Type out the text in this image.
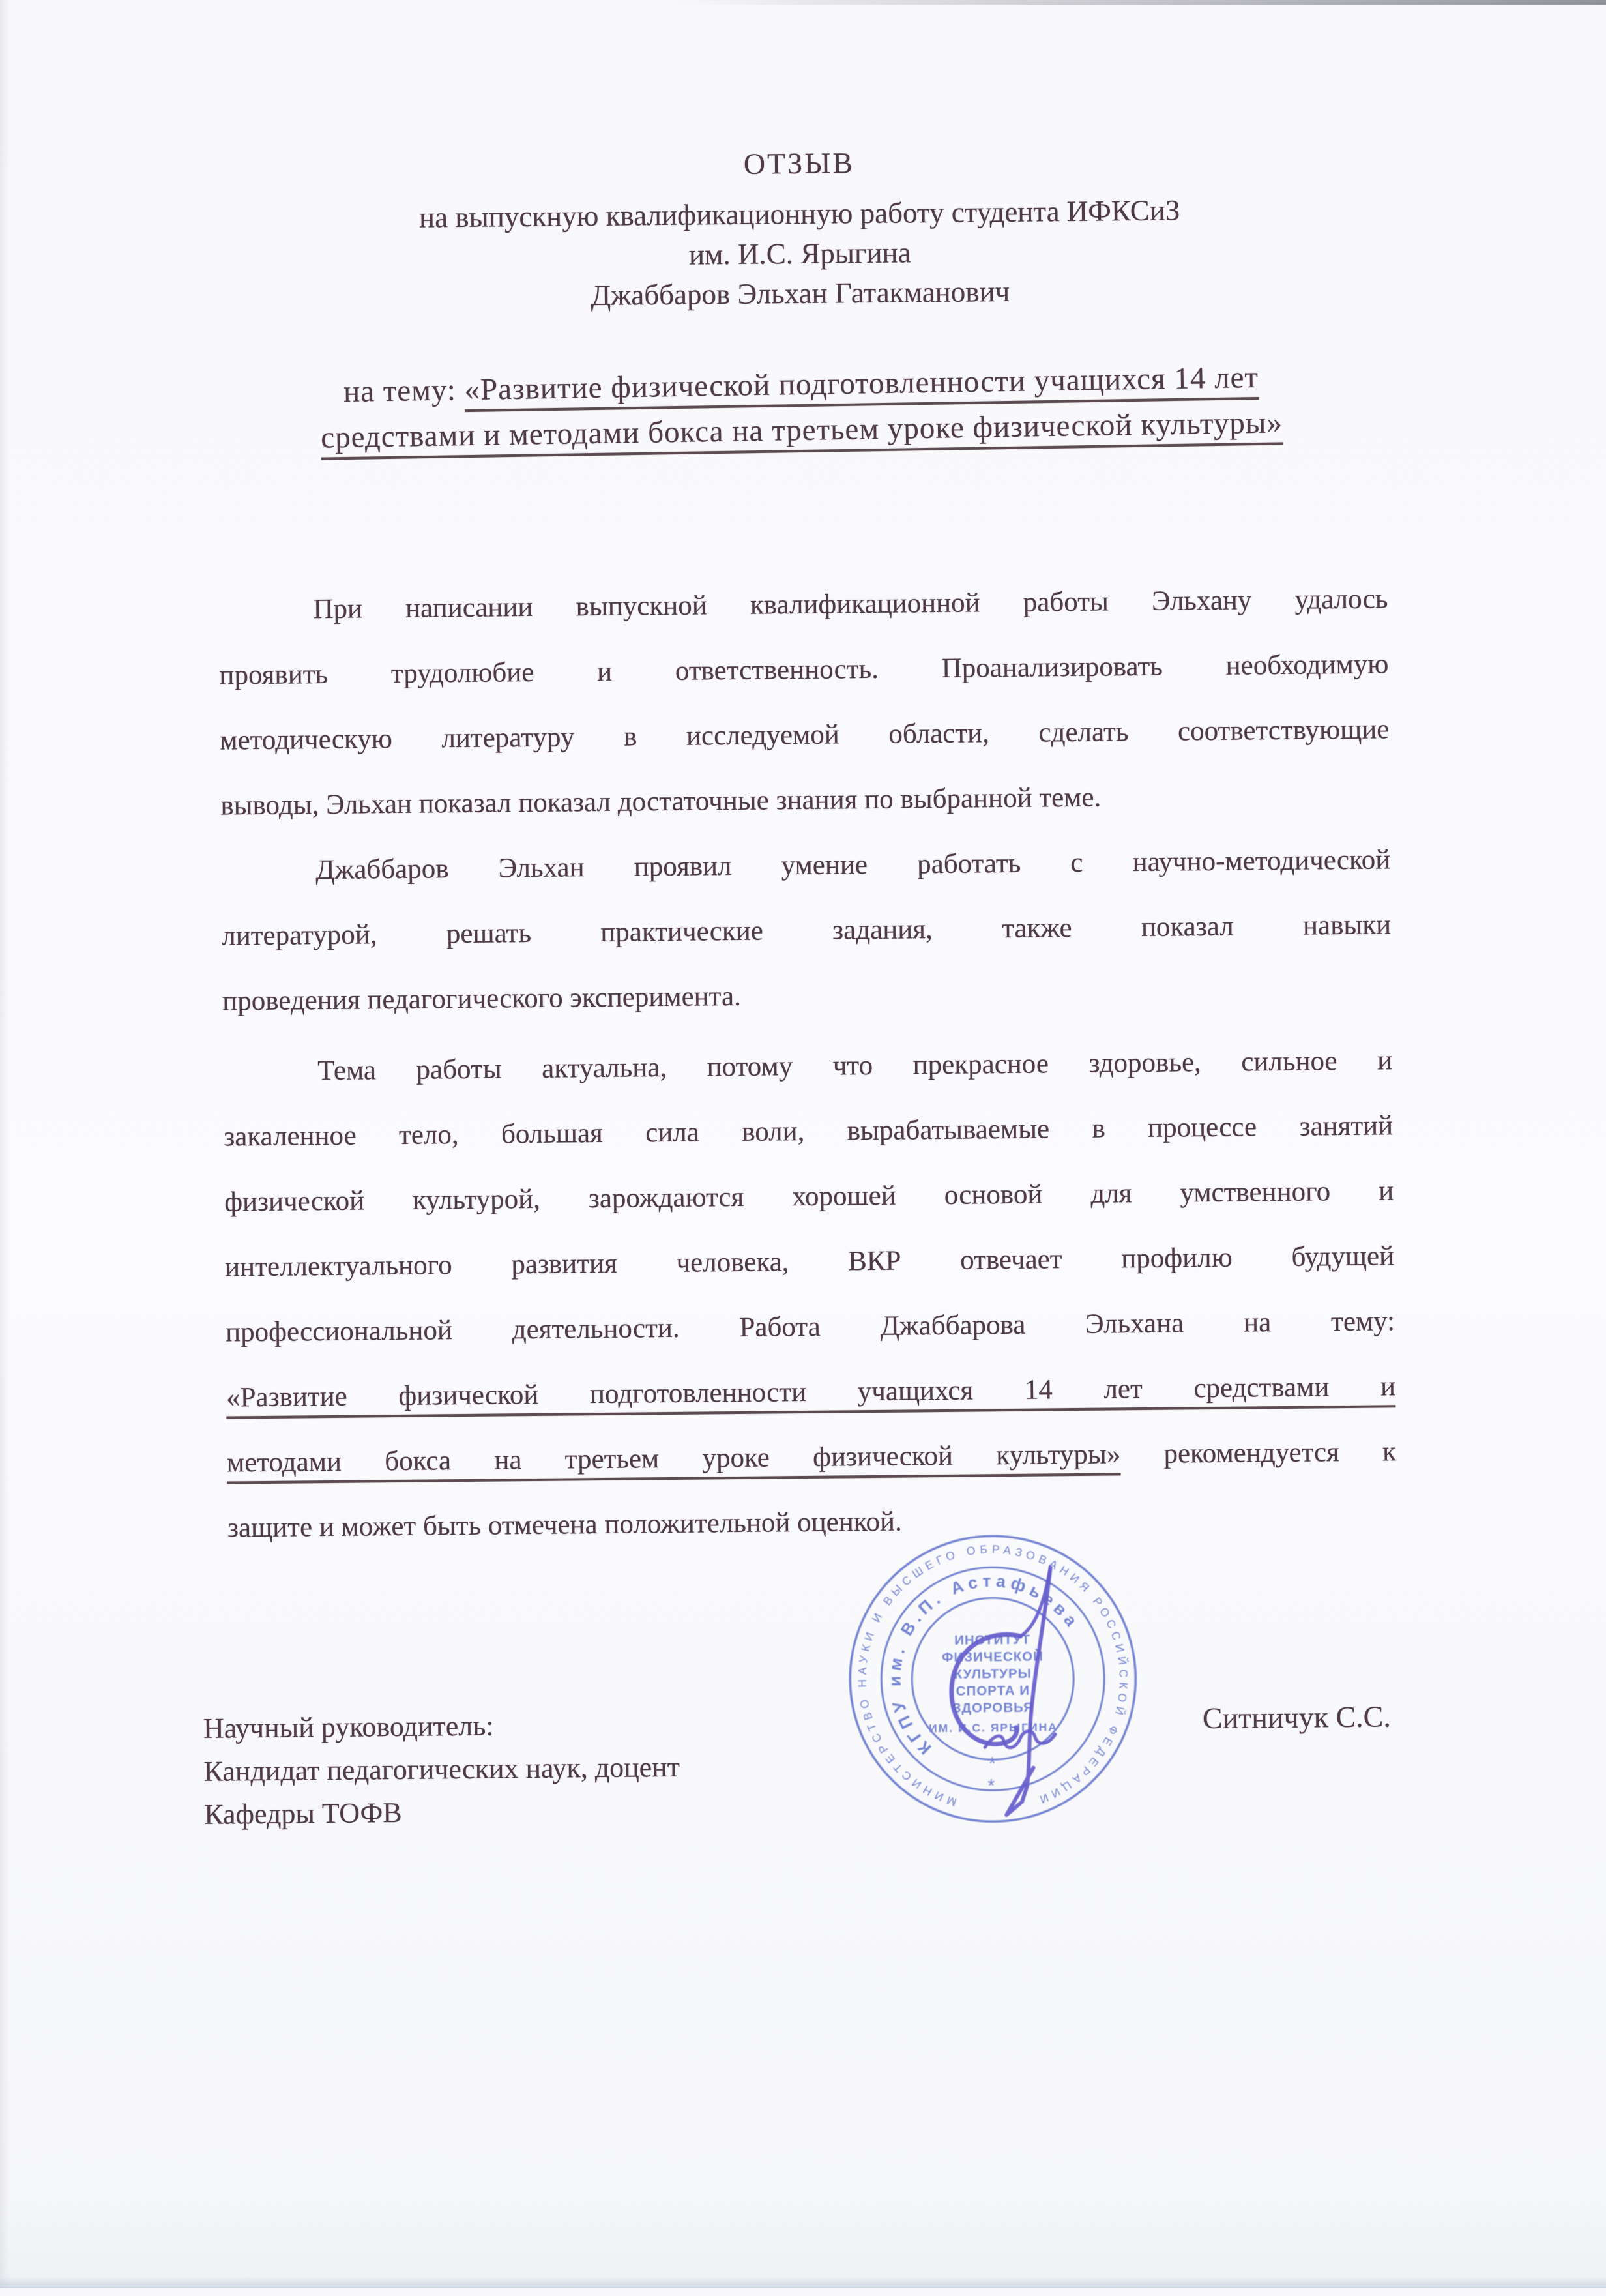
ОТЗЫВ
на выпускную квалификационную работу студента ИФКСиЗ
им. И.С. Ярыгина
Джаббаров Эльхан Гатакманович
на тему: «Развитие физической подготовленности учащихся 14 лет
средствами и методами бокса на третьем уроке физической культуры»
При написании выпускной квалификационной работы Эльхану удалось
проявить трудолюбие и ответственность. Проанализировать необходимую
методическую литературу в исследуемой области, сделать соответствующие
выводы, Эльхан показал показал достаточные знания по выбранной теме.
Джаббаров Эльхан проявил умение работать с научно-методической
литературой, решать практические задания, также показал навыки
проведения педагогического эксперимента.
Тема работы актуальна, потому что прекрасное здоровье, сильное и
закаленное тело, большая сила воли, вырабатываемые в процессе занятий
физической культурой, зарождаются хорошей основой для умственного и
интеллектуального развития человека, ВКР отвечает профилю будущей
профессиональной деятельности. Работа Джаббарова Эльхана на тему:
«Развитие физической подготовленности учащихся 14 лет средствами и
методами бокса на третьем уроке физической культуры» рекомендуется к
защите и может быть отмечена положительной оценкой.
Научный руководитель:
Кандидат педагогических наук, доцент
Кафедры ТОФВ
Ситничук С.С.
МИНИСТЕРСТВО НАУКИ И ВЫСШЕГО ОБРАЗОВАНИЯ РОССИЙСКОЙ ФЕДЕРАЦИИ
КГПУ им. В.П. Астафьева
ИНСТИТУТ
ФИЗИЧЕСКОЙ
КУЛЬТУРЫ
СПОРТА И
ЗДОРОВЬЯ
ИМ. И.С. ЯРЫГИНА
*
*
